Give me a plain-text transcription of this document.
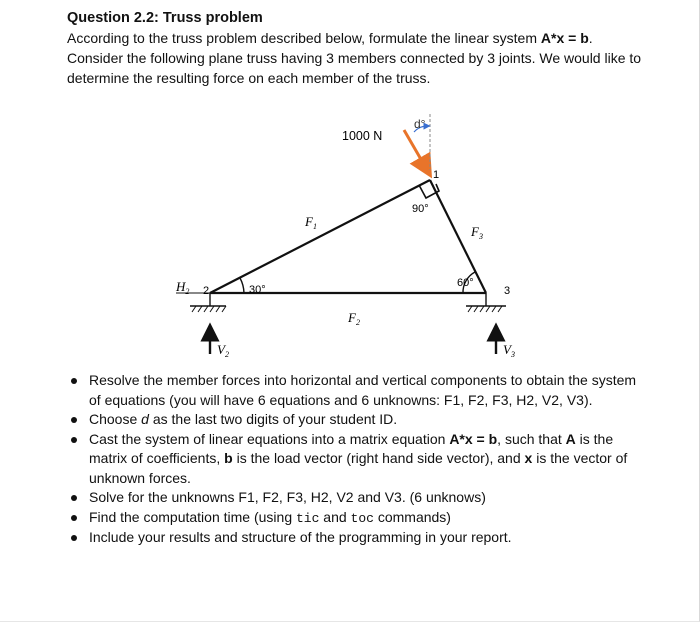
Question 2.2: Truss problem

According to the truss problem described below, formulate the linear system A*x = b. Consider the following plane truss having 3 members connected by 3 joints. We would like to determine the resulting force on each member of the truss.

1000 N
d°
1
2	3
90°
30°
60°
$F_1$
$F_2$
$F_3$
$H_2$
$V_2$	$V_3$
Resolve the member forces into horizontal and vertical components to obtain the system of equations (you will have 6 equations and 6 unknowns: F1, F2, F3, H2, V2, V3).
Choose d as the last two digits of your student ID.
Cast the system of linear equations into a matrix equation A*x = b, such that A is the matrix of coefficients, b is the load vector (right hand side vector), and x is the vector of unknown forces.
Solve for the unknowns F1, F2, F3, H2, V2 and V3. (6 unknows)
Find the computation time (using tic and toc commands)
Include your results and structure of the programming in your report.
